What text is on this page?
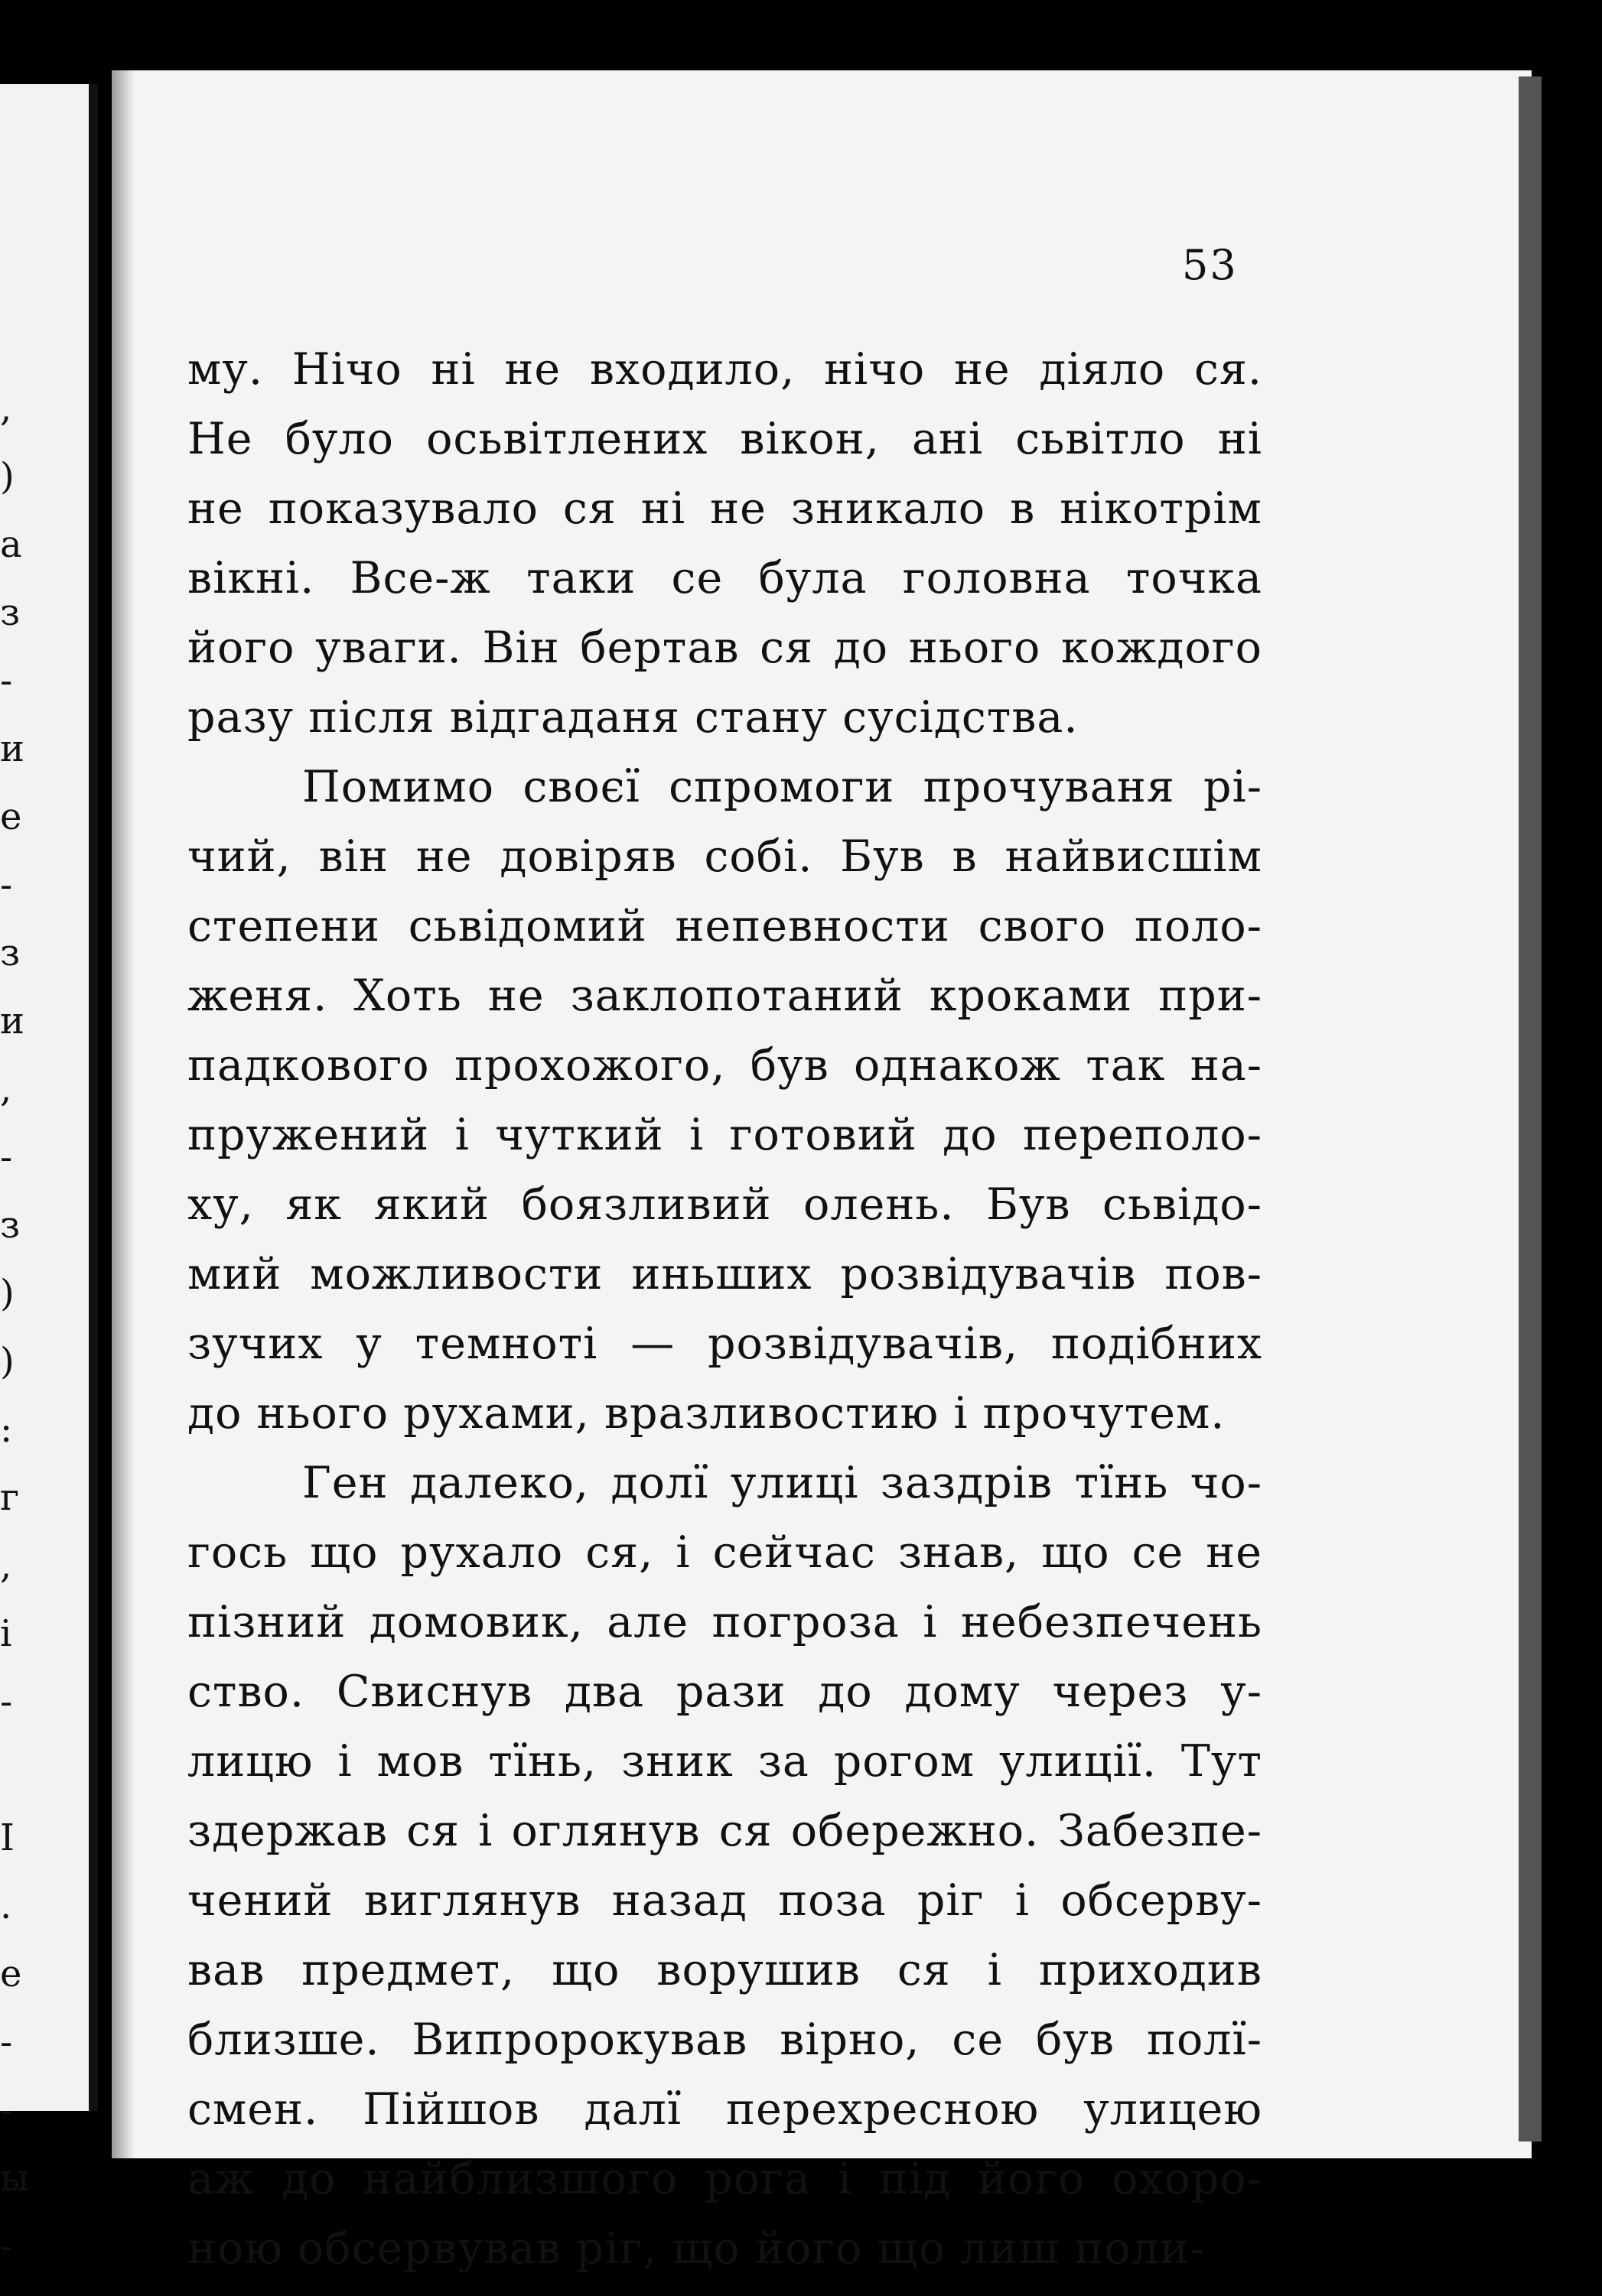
,
)
a
з
-
и
e
-
з
и
,
-
з
)
)
:
г
,
i
-
I
.
e
-
-
ы
-
53
му. Нічо ні не входило, нічо не діяло ся.
Не було осьвітлених вікон, ані сьвітло ні
не показувало ся ні не зникало в нікотрім
вікні. Все-ж таки се була головна точка
його уваги. Він бертав ся до нього кождого
разу після відгаданя стану сусідства.
Помимо своєї спромоги прочуваня рі-
чий, він не довіряв собі. Був в найвисшім
степени сьвідомий непевности свого поло-
женя. Хоть не заклопотаний кроками при-
падкового прохожого, був однакож так на-
пружений і чуткий і готовий до переполо-
ху, як який боязливий олень. Був сьвідо-
мий можливости иньших розвідувачів пов-
зучих у темноті — розвідувачів, подібних
до нього рухами, вразливостию і прочутем.
Ген далеко, долї улиці заздрів тїнь чо-
гось що рухало ся, і сейчас знав, що се не
пізний домовик, але погроза і небезпечень
ство. Свиснув два рази до дому через у-
лицю і мов тїнь, зник за рогом улиції. Тут
здержав ся і оглянув ся обережно. Забезпе-
чений виглянув назад поза ріг і обсерву-
вав предмет, що ворушив ся і приходив
близше. Випророкував вірно, се був полї-
смен. Пійшов далї перехресною улицею
аж до найблизшого рога і під його охоро-
ною обсервував ріг, що його що лиш поли-
